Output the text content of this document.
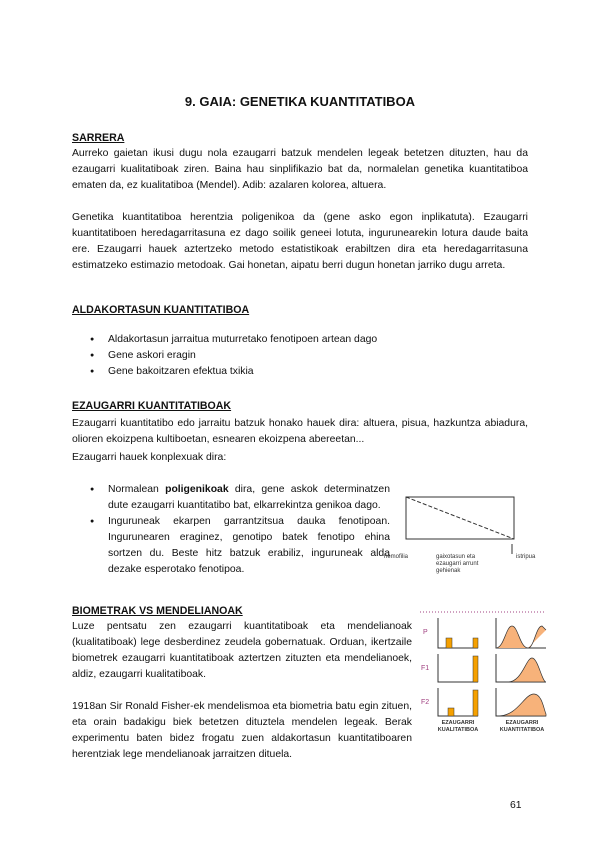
9. GAIA: GENETIKA KUANTITATIBOA
SARRERA

Aurreko gaietan ikusi dugu nola ezaugarri batzuk mendelen legeak betetzen dituzten, hau da ezaugarri kualitatiboak ziren. Baina hau sinplifikazio bat da, normalelan genetika kuantitatiboa ematen da, ez kualitatiboa (Mendel). Adib: azalaren kolorea, altuera.

Genetika kuantitatiboa herentzia poligenikoa da (gene asko egon inplikatuta). Ezaugarri kuantitatiboen heredagarritasuna ez dago soilik geneei lotuta, ingurunearekin lotura daude baita ere. Ezaugarri hauek aztertzeko metodo estatistikoak erabiltzen dira eta heredagarritasuna estimatzeko estimazio metodoak. Gai honetan, aipatu berri dugun honetan jarriko dugu arreta.

ALDAKORTASUN KUANTITATIBOA
● Aldakortasun jarraitua muturretako fenotipoen artean dago
● Gene askori eragin
● Gene bakoitzaren efektua txikia
EZAUGARRI KUANTITATIBOAK

Ezaugarri kuantitatibo edo jarraitu batzuk honako hauek dira: altuera, pisua, hazkuntza abiadura, olioren ekoizpena kultiboetan, esnearen ekoizpena abereetan...

Ezaugarri hauek konplexuak dira:

● Normalean poligenikoak dira, gene askok determinatzen dute ezaugarri kuantitatibo bat, elkarrekintza genikoa dago.
● Inguruneak ekarpen garrantzitsua dauka fenotipoan. Ingurunearen eraginez, genotipo batek fenotipo ehina sortzen du. Beste hitz batzuk erabiliz, inguruneak alda dezake esperotako fenotipoa.
hemofilia	gaixotasun eta ezaugarri arrunt gehienak
istripua
BIOMETRAK VS MENDELIANOAK

Luze pentsatu zen ezaugarri kuantitatiboak eta mendelianoak (kualitatiboak) lege desberdinez zeudela gobernatuak. Orduan, ikertzaile biometrek ezaugarri kuantitatiboak aztertzen zituzten eta mendelianoek, aldiz, ezaugarri kualitatiboak.

1918an Sir Ronald Fisher-ek mendelismoa eta biometria batu egin zituen, eta orain badakigu biek betetzen dituztela mendelen legeak. Berak experimentu baten bidez frogatu zuen aldakortasun kuantitatiboaren herentziak lege mendelianoak jarraitzen dituela.

P
F1
F2
EZAUGARRI KUALITATIBOA
EZAUGARRI KUANTITATIBOA
61
